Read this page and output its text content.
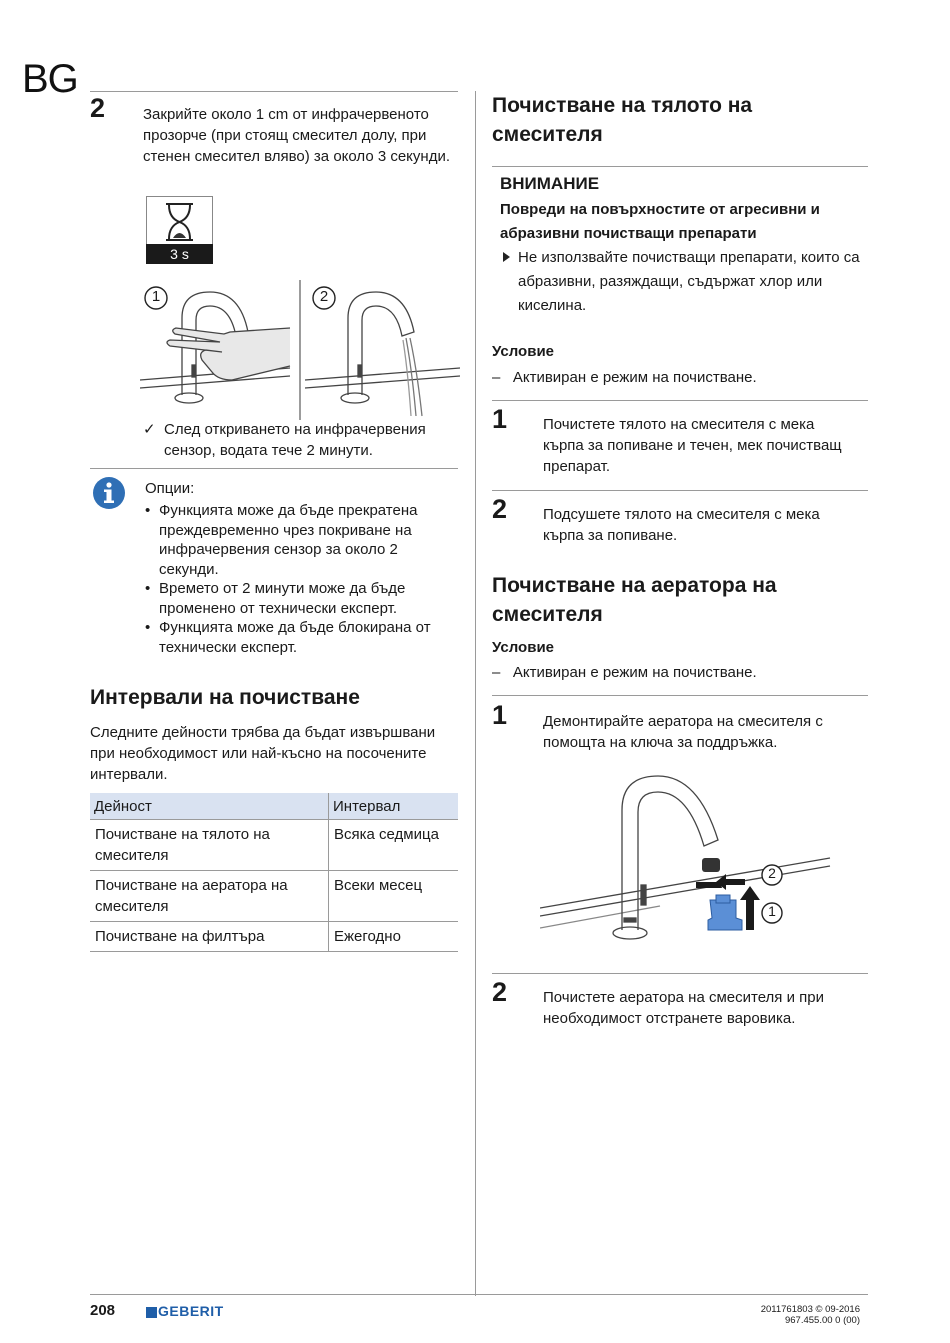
BG
2	Закрийте около 1 cm от инфрачервеното прозорче (при стоящ смесител долу, при стенен смесител вляво) за около 3 секунди.
3 s
1	2
✓ След откриването на инфрачервения сензор, водата тече 2 минути.
Опции:
• Функцията може да бъде прекратена преждевременно чрез покриване на инфрачервения сензор за около 2 секунди.
• Времето от 2 минути може да бъде променено от технически експерт.
• Функцията може да бъде блокирана от технически експерт.
Интервали на почистване
Следните дейности трябва да бъдат извършвани при необходимост или най-късно на посочените интервали.
Дейност	Интервал
Почистване на тялото на смесителя	Всяка седмица
Почистване на аератора на смесителя	Всеки месец
Почистване на филтъра	Ежегодно
Почистване на тялото на смесителя
ВНИМАНИЕ
Повреди на повърхностите от агресивни и абразивни почистващи препарати
Не използвайте почистващи препарати, които са абразивни, разяждащи, съдържат хлор или киселина.
Условие
–   Активиран е режим на почистване.
1 Почистете тялото на смесителя с мека кърпа за попиване и течен, мек почистващ препарат.
2 Подсушете тялото на смесителя с мека кърпа за попиване.
Почистване на аератора на смесителя
Условие
–   Активиран е режим на почистване.
1 Демонтирайте аератора на смесителя с помощта на ключа за поддръжка.
2
1
2 Почистете аератора на смесителя и при необходимост отстранете варовика.
208	GEBERIT	2011761803 © 09-2016
967.455.00 0 (00)
